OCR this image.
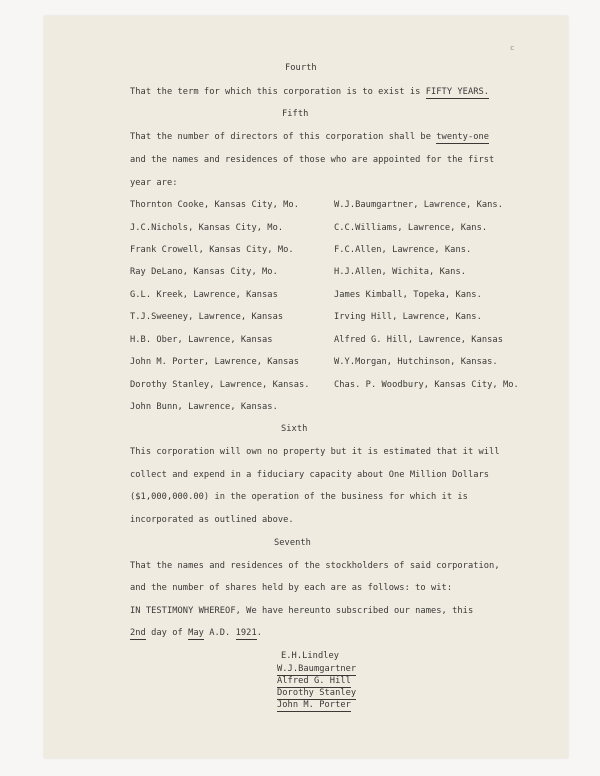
c
Fourth
That the term for which this corporation is to exist is FIFTY YEARS.
Fifth
That the number of directors of this corporation shall be twenty-one
and the names and residences of those who are appointed for the first
year are:
Thornton Cooke, Kansas City, Mo.
J.C.Nichols, Kansas City, Mo.
Frank Crowell, Kansas City, Mo.
Ray DeLano, Kansas City, Mo.
G.L. Kreek, Lawrence, Kansas
T.J.Sweeney, Lawrence, Kansas
H.B. Ober, Lawrence, Kansas
John M. Porter, Lawrence, Kansas
Dorothy Stanley, Lawrence, Kansas.
John Bunn, Lawrence, Kansas.
W.J.Baumgartner, Lawrence, Kans.
C.C.Williams, Lawrence, Kans.
F.C.Allen, Lawrence, Kans.
H.J.Allen, Wichita, Kans.
James Kimball, Topeka, Kans.
Irving Hill, Lawrence, Kans.
Alfred G. Hill, Lawrence, Kansas
W.Y.Morgan, Hutchinson, Kansas.
Chas. P. Woodbury, Kansas City, Mo.
Sixth
This corporation will own no property but it is estimated that it will
collect and expend in a fiduciary capacity about One Million Dollars
($1,000,000.00) in the operation of the business for which it is
incorporated as outlined above.
Seventh
That the names and residences of the stockholders of said corporation,
and the number of shares held by each are as follows: to wit:
IN TESTIMONY WHEREOF, We have hereunto subscribed our names, this
2nd day of May A.D. 1921.
E.H.Lindley
W.J.Baumgartner
Alfred G. Hill
Dorothy Stanley
John M. Porter
